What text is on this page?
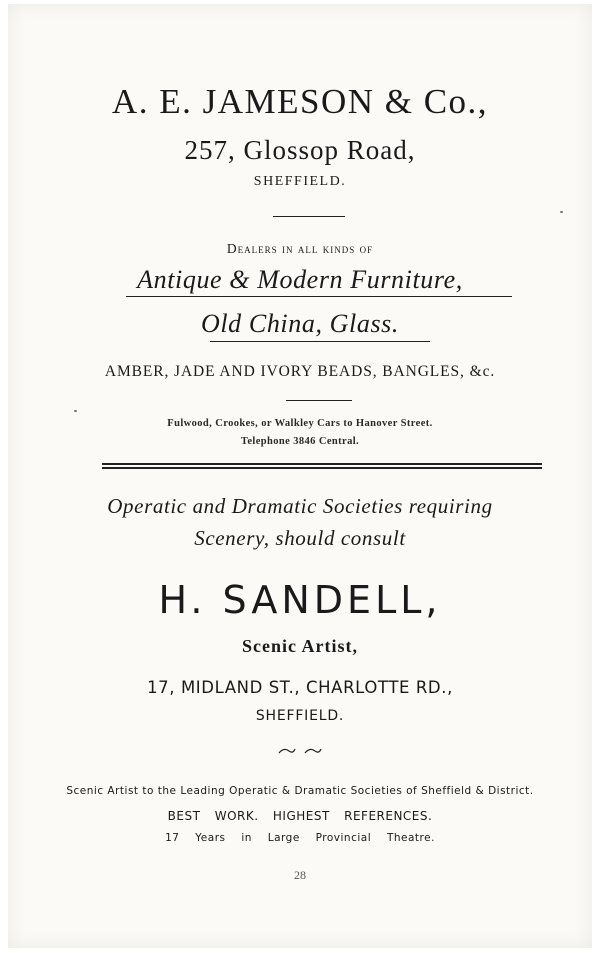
A. E. JAMESON & Co.,
257, Glossop Road,
SHEFFIELD.
Dealers in all kinds of
Antique & Modern Furniture,
Old China, Glass.
AMBER, JADE AND IVORY BEADS, BANGLES, &c.
Fulwood, Crookes, or Walkley Cars to Hanover Street.
Telephone 3846 Central.
Operatic and Dramatic Societies requiring
Scenery, should consult
H. SANDELL,
Scenic Artist,
17, MIDLAND ST., CHARLOTTE RD.,
SHEFFIELD.
Scenic Artist to the Leading Operatic & Dramatic Societies of Sheffield & District.
BEST WORK. HIGHEST REFERENCES.
17 Years in Large Provincial Theatre.
28
